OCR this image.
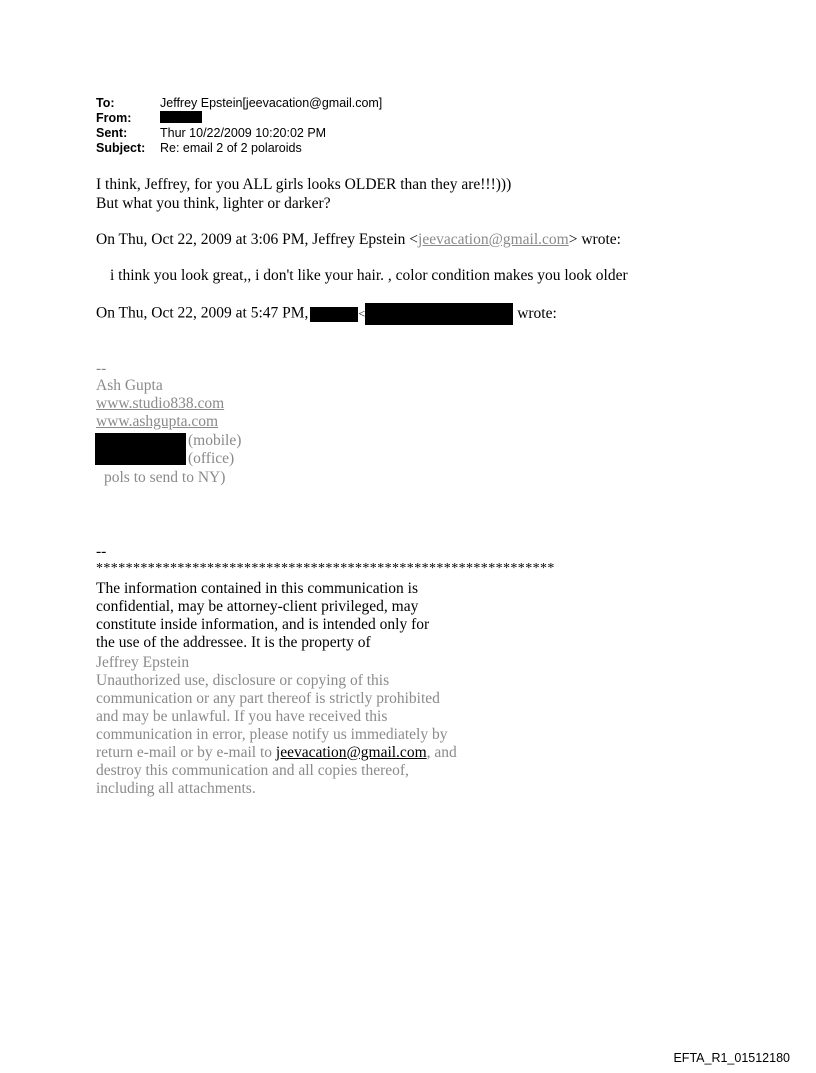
To:	Jeffrey Epstein[jeevacation@gmail.com]
From:
Sent:	Thur 10/22/2009 10:20:02 PM
Subject:	Re: email 2 of 2 polaroids
I think, Jeffrey, for you ALL girls looks OLDER than they are!!!)))
But what you think, lighter or darker?
On Thu, Oct 22, 2009 at 3:06 PM, Jeffrey Epstein <jeevacation@gmail.com> wrote:
i think you look great,, i don't like your hair. , color condition makes you look older
On Thu, Oct 22, 2009 at 5:47 PM,	<	wrote:
--
Ash Gupta
www.studio838.com
www.ashgupta.com
(mobile)
(office)
pols to send to NY)
--
**************************************************************
The information contained in this communication is
confidential, may be attorney-client privileged, may
constitute inside information, and is intended only for
the use of the addressee. It is the property of
Jeffrey Epstein
Unauthorized use, disclosure or copying of this
communication or any part thereof is strictly prohibited
and may be unlawful. If you have received this
communication in error, please notify us immediately by
return e-mail or by e-mail to jeevacation@gmail.com, and
destroy this communication and all copies thereof,
including all attachments.
EFTA_R1_01512180
